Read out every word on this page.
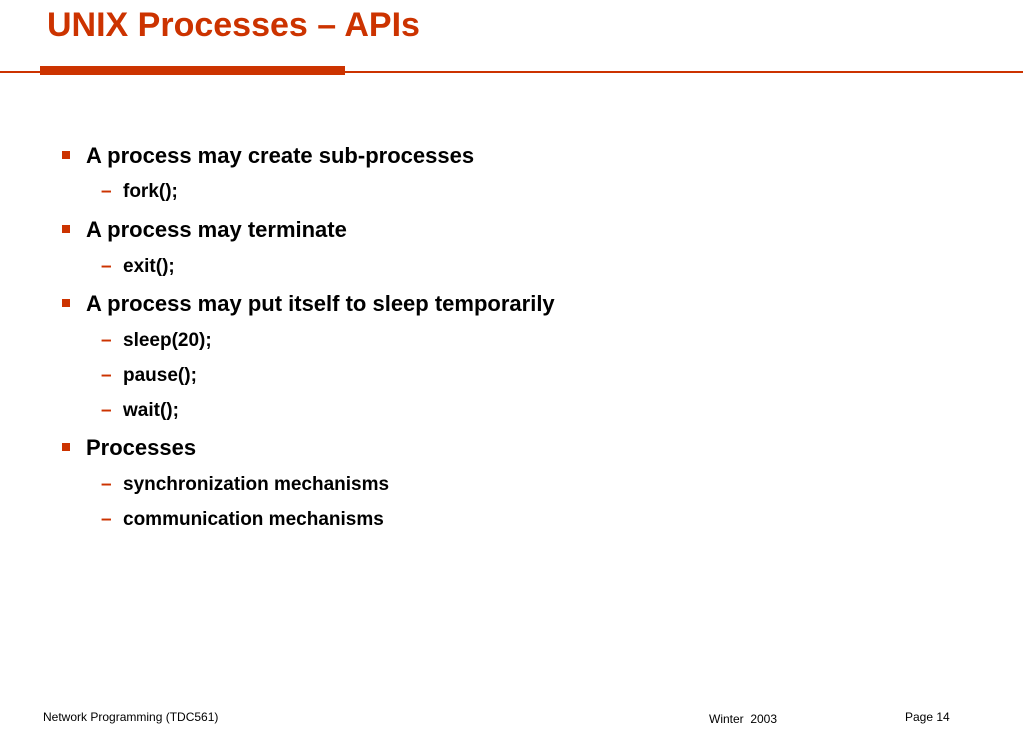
UNIX Processes – APIs
A process may create sub-processes
– fork();
A process may terminate
– exit();
A process may put itself to sleep temporarily
– sleep(20);
– pause();
– wait();
Processes
– synchronization mechanisms
– communication mechanisms
Network Programming (TDC561)	Winter  2003	Page 14
